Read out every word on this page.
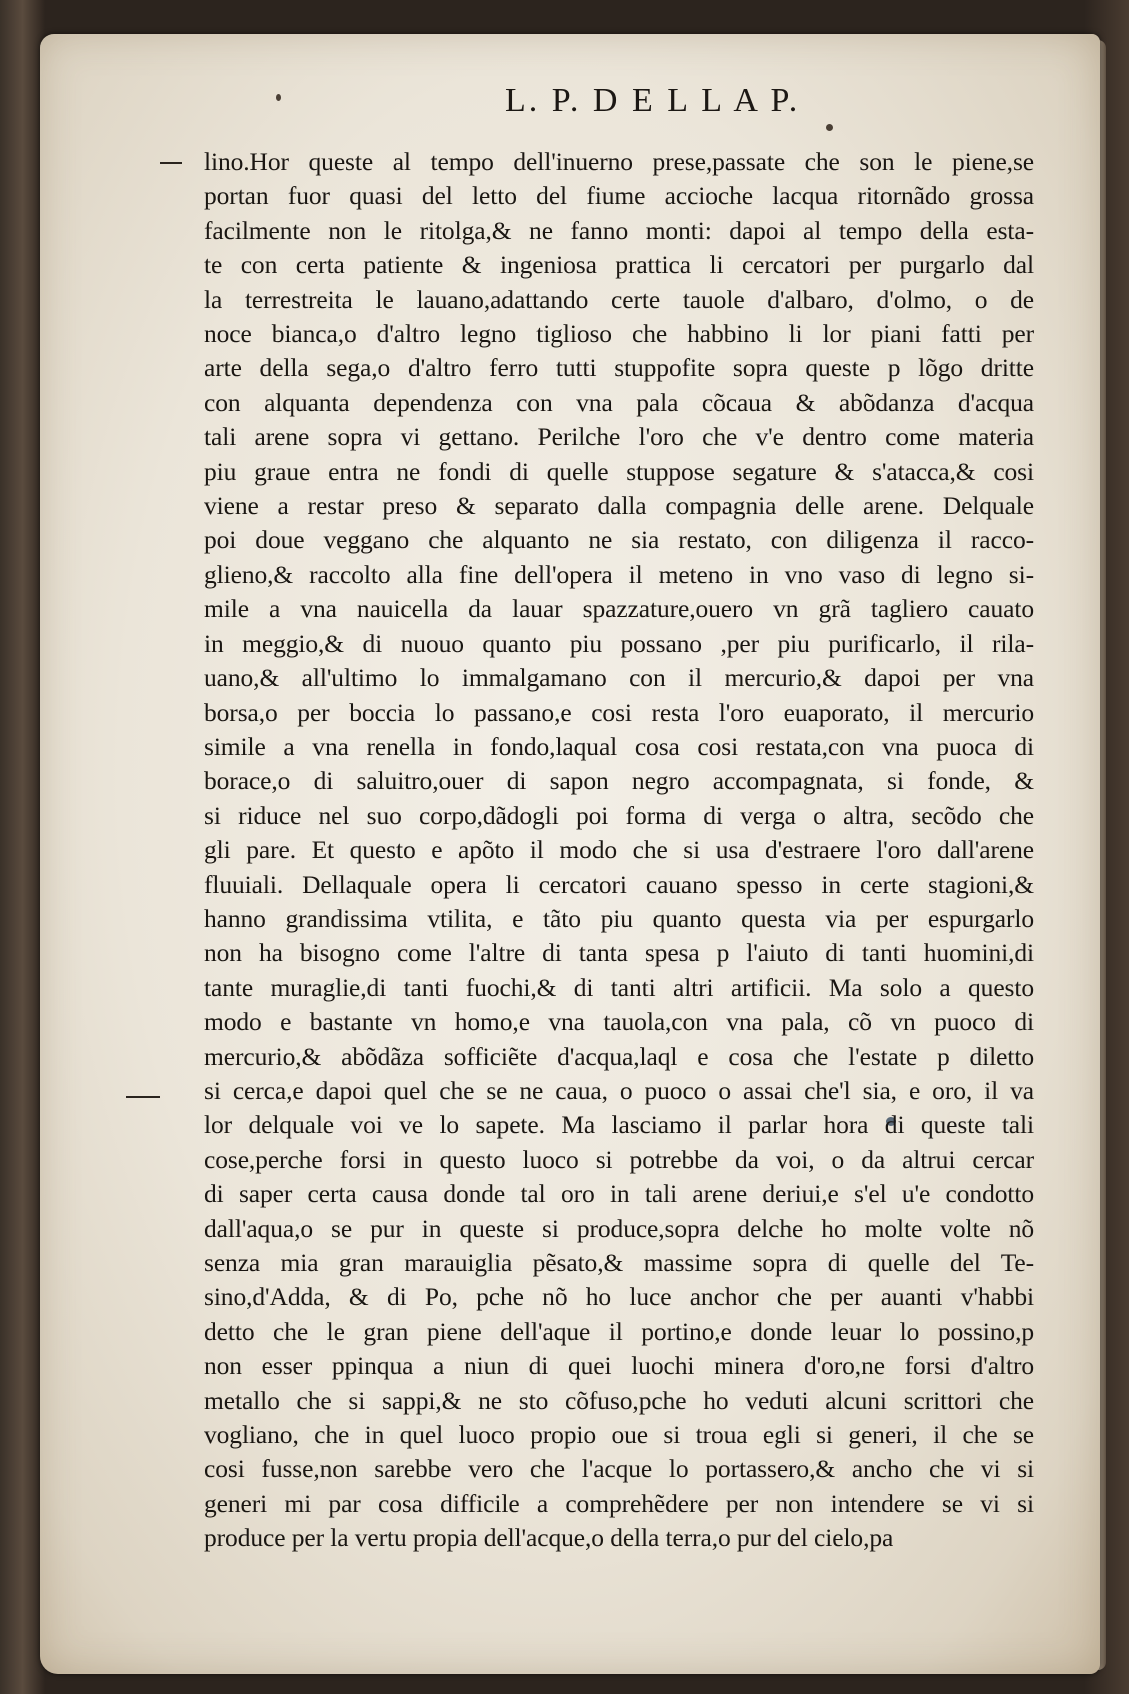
L. P. D E L L A P.
lino.Hor queste al tempo dell'inuerno prese,passate che son le piene,se
portan fuor quasi del letto del fiume accioche lacqua ritornãdo grossa
facilmente non le ritolga,& ne fanno monti: dapoi al tempo della esta-
te con certa patiente & ingeniosa prattica li cercatori per purgarlo dal
la terrestreita le lauano,adattando certe tauole d'albaro, d'olmo, o de
noce bianca,o d'altro legno tiglioso che habbino li lor piani fatti per
arte della sega,o d'altro ferro tutti stuppofite sopra queste p lõgo dritte
con alquanta dependenza con vna pala cõcaua & abõdanza d'acqua
tali arene sopra vi gettano. Perilche l'oro che v'e dentro come materia
piu graue entra ne fondi di quelle stuppose segature & s'atacca,& cosi
viene a restar preso & separato dalla compagnia delle arene. Delquale
poi doue veggano che alquanto ne sia restato, con diligenza il racco-
glieno,& raccolto alla fine dell'opera il meteno in vno vaso di legno si-
mile a vna nauicella da lauar spazzature,ouero vn grã tagliero cauato
in meggio,& di nuouo quanto piu possano ,per piu purificarlo, il rila-
uano,& all'ultimo lo immalgamano con il mercurio,& dapoi per vna
borsa,o per boccia lo passano,e cosi resta l'oro euaporato, il mercurio
simile a vna renella in fondo,laqual cosa cosi restata,con vna puoca di
borace,o di saluitro,ouer di sapon negro accompagnata, si fonde, &
si riduce nel suo corpo,dãdogli poi forma di verga o altra, secõdo che
gli pare. Et questo e apõto il modo che si usa d'estraere l'oro dall'arene
fluuiali. Dellaquale opera li cercatori cauano spesso in certe stagioni,&
hanno grandissima vtilita, e tãto piu quanto questa via per espurgarlo
non ha bisogno come l'altre di tanta spesa p l'aiuto di tanti huomini,di
tante muraglie,di tanti fuochi,& di tanti altri artificii. Ma solo a questo
modo e bastante vn homo,e vna tauola,con vna pala, cõ vn puoco di
mercurio,& abõdãza sofficiẽte d'acqua,laql e cosa che l'estate p diletto
si cerca,e dapoi quel che se ne caua, o puoco o assai che'l sia, e oro, il va
lor delquale voi ve lo sapete. Ma lasciamo il parlar hora di queste tali
cose,perche forsi in questo luoco si potrebbe da voi, o da altrui cercar
di saper certa causa donde tal oro in tali arene deriui,e s'el u'e condotto
dall'aqua,o se pur in queste si produce,sopra delche ho molte volte nõ
senza mia gran marauiglia pẽsato,& massime sopra di quelle del Te-
sino,d'Adda, & di Po, pche nõ ho luce anchor che per auanti v'habbi
detto che le gran piene dell'aque il portino,e donde leuar lo possino,p
non esser ppinqua a niun di quei luochi minera d'oro,ne forsi d'altro
metallo che si sappi,& ne sto cõfuso,pche ho veduti alcuni scrittori che
vogliano, che in quel luoco propio oue si troua egli si generi, il che se
cosi fusse,non sarebbe vero che l'acque lo portassero,& ancho che vi si
generi mi par cosa difficile a comprehẽdere per non intendere se vi si
produce per la vertu propia dell'acque,o della terra,o pur del cielo,pa
